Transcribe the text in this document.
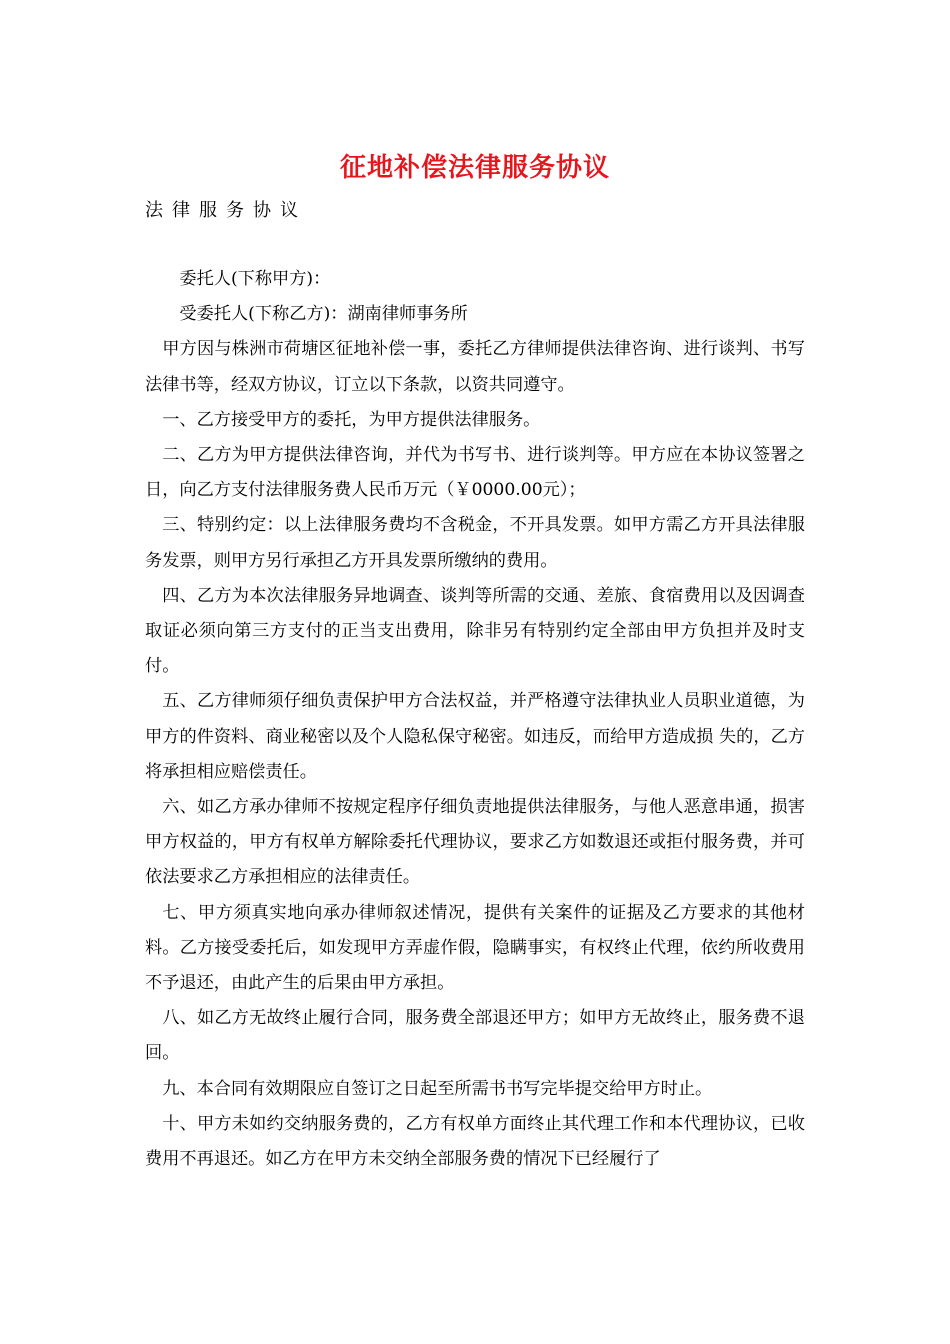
征地补偿法律服务协议
法律服务协议

委托人(下称甲方)：

受委托人(下称乙方)：湖南律师事务所

甲方因与株洲市荷塘区征地补偿一事，委托乙方律师提供法律咨询、进行谈判、书写法律书等，经双方协议，订立以下条款，以资共同遵守。

一、乙方接受甲方的委托，为甲方提供法律服务。

二、乙方为甲方提供法律咨询，并代为书写书、进行谈判等。甲方应在本协议签署之日，向乙方支付法律服务费人民币万元（￥0000.00元）；

三、特别约定：以上法律服务费均不含税金，不开具发票。如甲方需乙方开具法律服务发票，则甲方另行承担乙方开具发票所缴纳的费用。

四、乙方为本次法律服务异地调查、谈判等所需的交通、差旅、食宿费用以及因调查取证必须向第三方支付的正当支出费用，除非另有特别约定全部由甲方负担并及时支付。

五、乙方律师须仔细负责保护甲方合法权益，并严格遵守法律执业人员职业道德，为甲方的件资料、商业秘密以及个人隐私保守秘密。如违反，而给甲方造成损 失的，乙方将承担相应赔偿责任。

六、如乙方承办律师不按规定程序仔细负责地提供法律服务，与他人恶意串通，损害甲方权益的，甲方有权单方解除委托代理协议，要求乙方如数退还或拒付服务费，并可依法要求乙方承担相应的法律责任。

七、甲方须真实地向承办律师叙述情况，提供有关案件的证据及乙方要求的其他材料。乙方接受委托后，如发现甲方弄虚作假，隐瞒事实，有权终止代理，依约所收费用不予退还，由此产生的后果由甲方承担。

八、如乙方无故终止履行合同，服务费全部退还甲方；如甲方无故终止，服务费不退回。

九、本合同有效期限应自签订之日起至所需书书写完毕提交给甲方时止。

十、甲方未如约交纳服务费的，乙方有权单方面终止其代理工作和本代理协议，已收费用不再退还。如乙方在甲方未交纳全部服务费的情况下已经履行了
